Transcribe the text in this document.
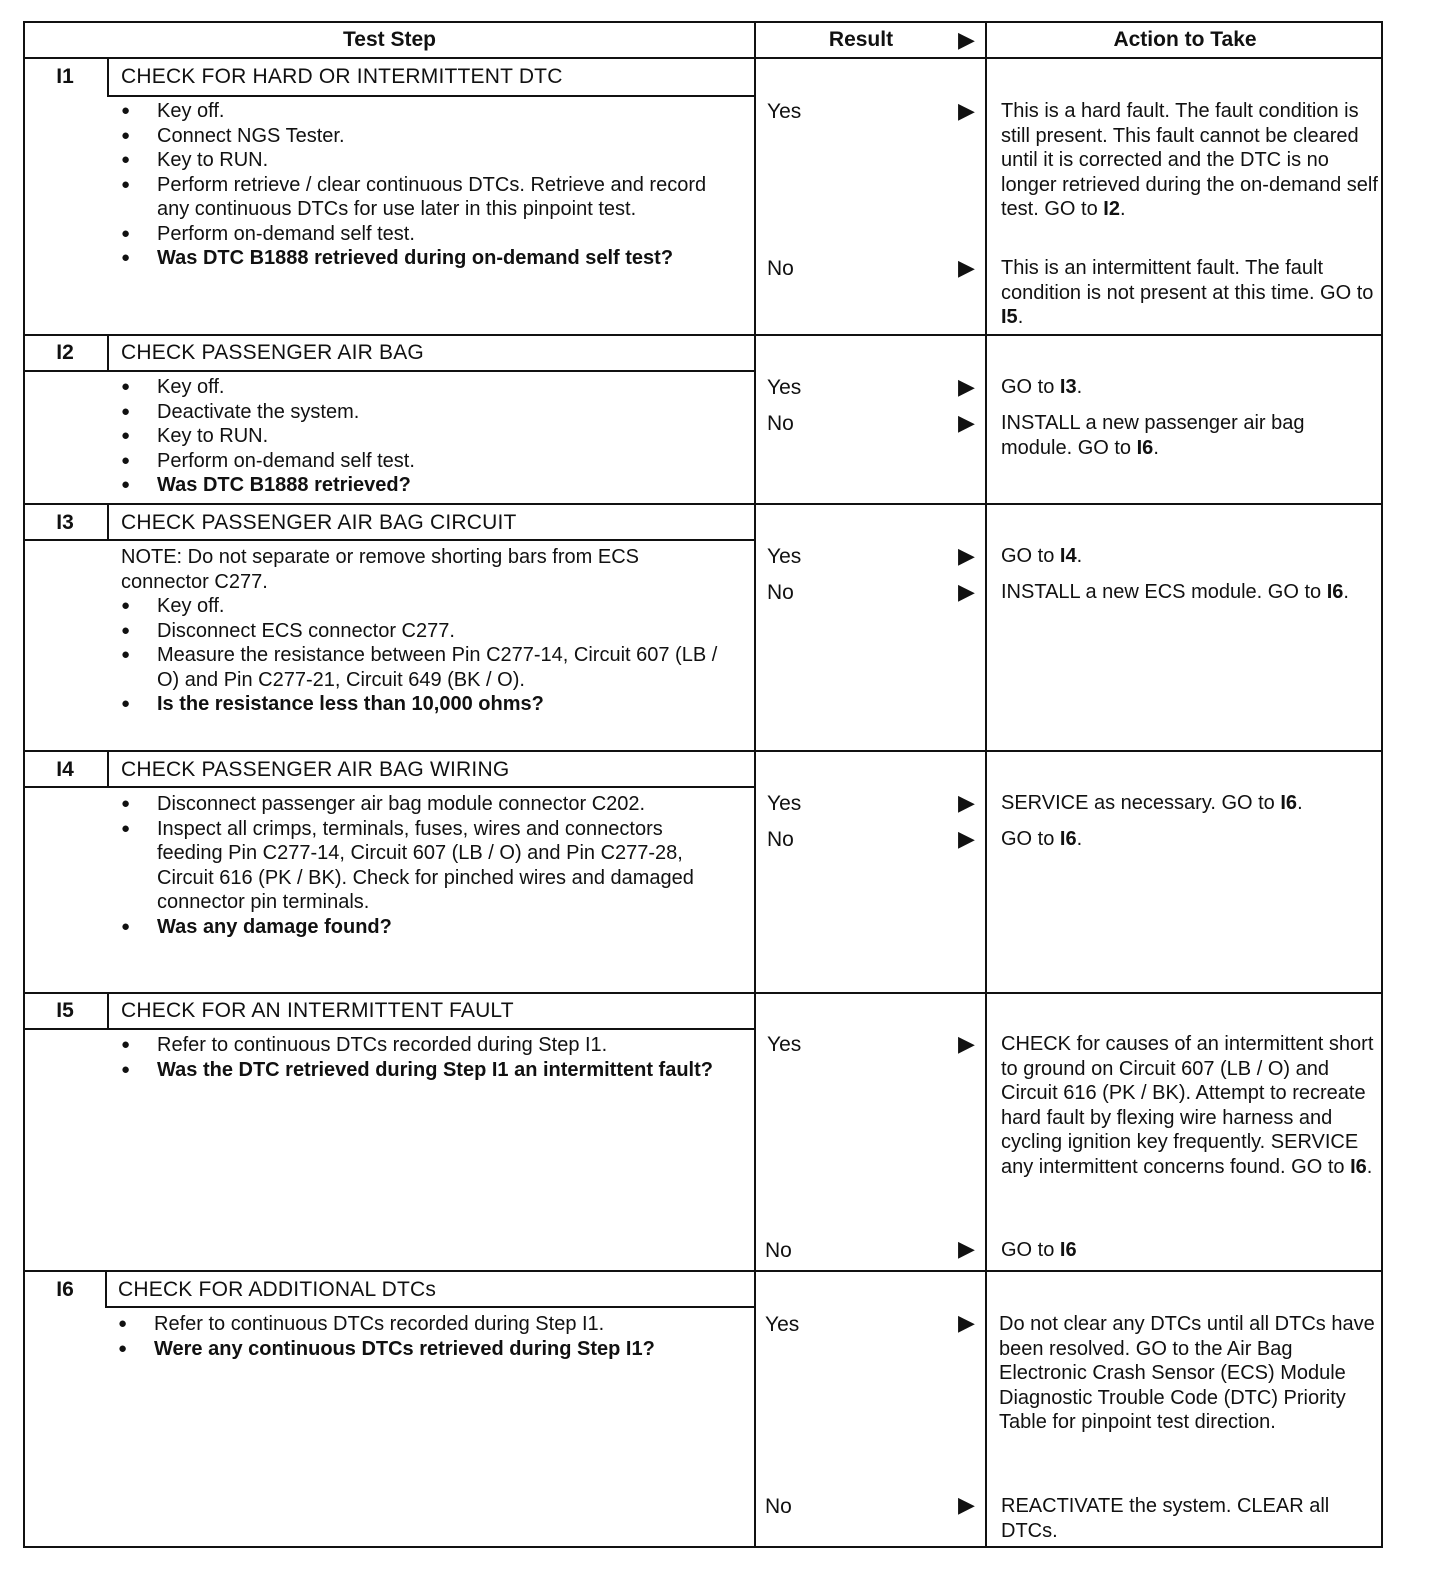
Test Step	Result	▶	Action to Take
I1	CHECK FOR HARD OR INTERMITTENT DTC
● Key off.
● Connect NGS Tester.
● Key to RUN.
● Perform retrieve / clear continuous DTCs. Retrieve and record any continuous DTCs for use later in this pinpoint test.
● Perform on-demand self test.
● Was DTC B1888 retrieved during on-demand self test?
Yes	▶ This is a hard fault. The fault condition is still present. This fault cannot be cleared until it is corrected and the DTC is no longer retrieved during the on-demand self test. GO to I2.
No	▶ This is an intermittent fault. The fault condition is not present at this time. GO to I5.
I2	CHECK PASSENGER AIR BAG
● Key off.
● Deactivate the system.
● Key to RUN.
● Perform on-demand self test.
● Was DTC B1888 retrieved?
Yes	▶ GO to I3.
No	▶ INSTALL a new passenger air bag module. GO to I6.
I3	CHECK PASSENGER AIR BAG CIRCUIT
NOTE: Do not separate or remove shorting bars from ECS connector C277.
● Key off.
● Disconnect ECS connector C277.
● Measure the resistance between Pin C277-14, Circuit 607 (LB / O) and Pin C277-21, Circuit 649 (BK / O).
● Is the resistance less than 10,000 ohms?
Yes	▶ GO to I4.
No	▶ INSTALL a new ECS module. GO to I6.
I4	CHECK PASSENGER AIR BAG WIRING
● Disconnect passenger air bag module connector C202.
● Inspect all crimps, terminals, fuses, wires and connectors feeding Pin C277-14, Circuit 607 (LB / O) and Pin C277-28, Circuit 616 (PK / BK). Check for pinched wires and damaged connector pin terminals.
● Was any damage found?
Yes	▶ SERVICE as necessary. GO to I6.
No	▶ GO to I6.
I5	CHECK FOR AN INTERMITTENT FAULT
● Refer to continuous DTCs recorded during Step I1.
● Was the DTC retrieved during Step I1 an intermittent fault?
Yes	▶ CHECK for causes of an intermittent short to ground on Circuit 607 (LB / O) and Circuit 616 (PK / BK). Attempt to recreate hard fault by flexing wire harness and cycling ignition key frequently. SERVICE any intermittent concerns found. GO to I6.
No	▶ GO to I6
I6	CHECK FOR ADDITIONAL DTCs
● Refer to continuous DTCs recorded during Step I1.
● Were any continuous DTCs retrieved during Step I1?
Yes	▶ Do not clear any DTCs until all DTCs have been resolved. GO to the Air Bag Electronic Crash Sensor (ECS) Module Diagnostic Trouble Code (DTC) Priority Table for pinpoint test direction.
No	▶ REACTIVATE the system. CLEAR all DTCs.
